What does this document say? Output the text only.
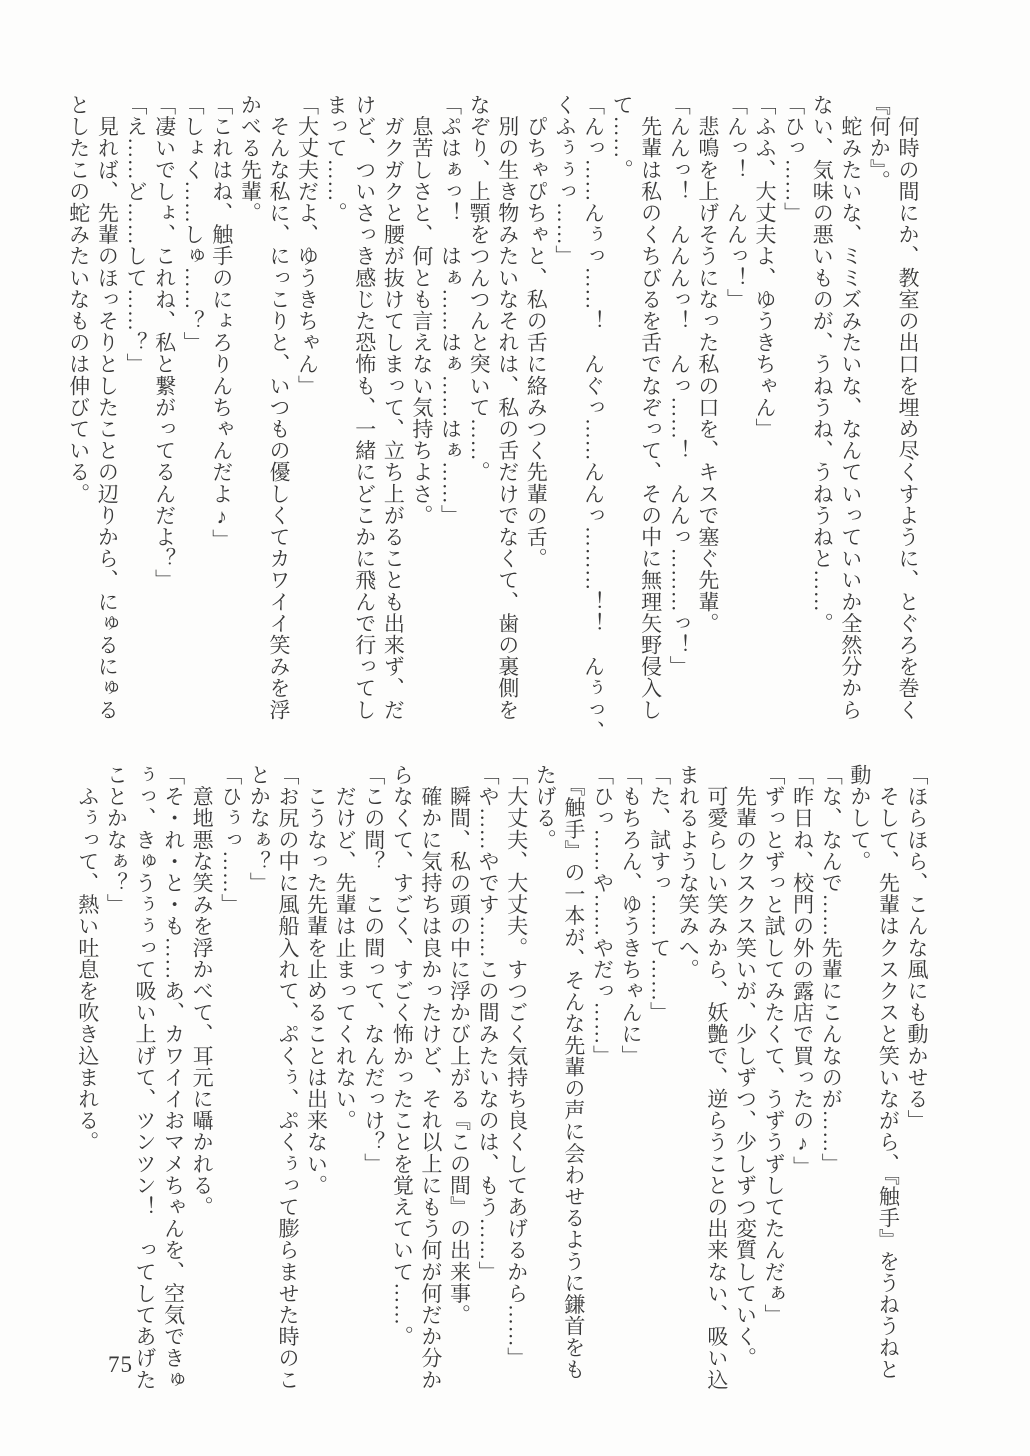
　何時の間にか、教室の出口を埋め尽くすように、とぐろを巻く

『何か』。

　蛇みたいな、ミミズみたいな、なんていっていいか全然分から

ない、気味の悪いものが、うねうね、うねうねと……。

「ひっ……」

「ふふ、大丈夫よ、ゆうきちゃん」

「んっ！　んんっ！」

　悲鳴を上げそうになった私の口を、キスで塞ぐ先輩。

「んんっ！　んんんっ！　んっ……！　んんっ………っ！」

　先輩は私のくちびるを舌でなぞって、その中に無理矢野侵入し

て……。

「んっ……んぅっ……！　んぐっ……んんっ………！！　んぅっ、

くふぅぅっ……」

　ぴちゃぴちゃと、私の舌に絡みつく先輩の舌。

　別の生き物みたいなそれは、私の舌だけでなくて、歯の裏側を

なぞり、上顎をつんつんと突いて……。

「ぷはぁっ！　はぁ……はぁ……はぁ……」

　息苦しさと、何とも言えない気持ちよさ。

　ガクガクと腰が抜けてしまって、立ち上がることも出来ず、だ

けど、ついさっき感じた恐怖も、一緒にどこかに飛んで行ってし

まって……。

「大丈夫だよ、ゆうきちゃん」

　そんな私に、にっこりと、いつもの優しくてカワイイ笑みを浮

かべる先輩。

「これはね、触手のにょろりんちゃんだよ♪」

「しょく……しゅ……？」

「凄いでしょ、これね、私と繋がってるんだよ？」

「え……ど……して……？」

　見れば、先輩のほっそりとしたことの辺りから、にゅるにゅる

としたこの蛇みたいなものは伸びている。

「ほらほら、こんな風にも動かせる」

　そして、先輩はクスクスと笑いながら、『触手』をうねうねと

動かして。

「な、なんで……先輩にこんなのが……」

「昨日ね、校門の外の露店で買ったの♪」

「ずっとずっと試してみたくて、うずうずしてたんだぁ」

　先輩のクスクス笑いが、少しずつ、少しずつ変質していく。

　可愛らしい笑みから、妖艶で、逆らうことの出来ない、吸い込

まれるような笑みへ。

「た、試すっ……て……」

「もちろん、ゆうきちゃんに」

「ひっ……や……やだっ……」

　『触手』の一本が、そんな先輩の声に会わせるように鎌首をも

たげる。

「大丈夫、大丈夫。すつごく気持ち良くしてあげるから……」

「や……やです……この間みたいなのは、もう……」

　瞬間、私の頭の中に浮かび上がる『この間』の出来事。

　確かに気持ちは良かったけど、それ以上にもう何が何だか分か

らなくて、すごく、すごく怖かったことを覚えていて……。

「この間？　この間って、なんだっけ？」

　だけど、先輩は止まってくれない。

　こうなった先輩を止めることは出来ない。

「お尻の中に風船入れて、ぷくぅ、ぷくぅって膨らませた時のこ

とかなぁ？」

「ひぅっ……」

　意地悪な笑みを浮かべて、耳元に囁かれる。

「そ・れ・と・も……あ、カワイイおマメちゃんを、空気できゅ

ぅっ、きゅうぅぅって吸い上げて、ツンツン！　ってしてあげた

ことかなぁ？」

　ふぅって、熱い吐息を吹き込まれる。

75
